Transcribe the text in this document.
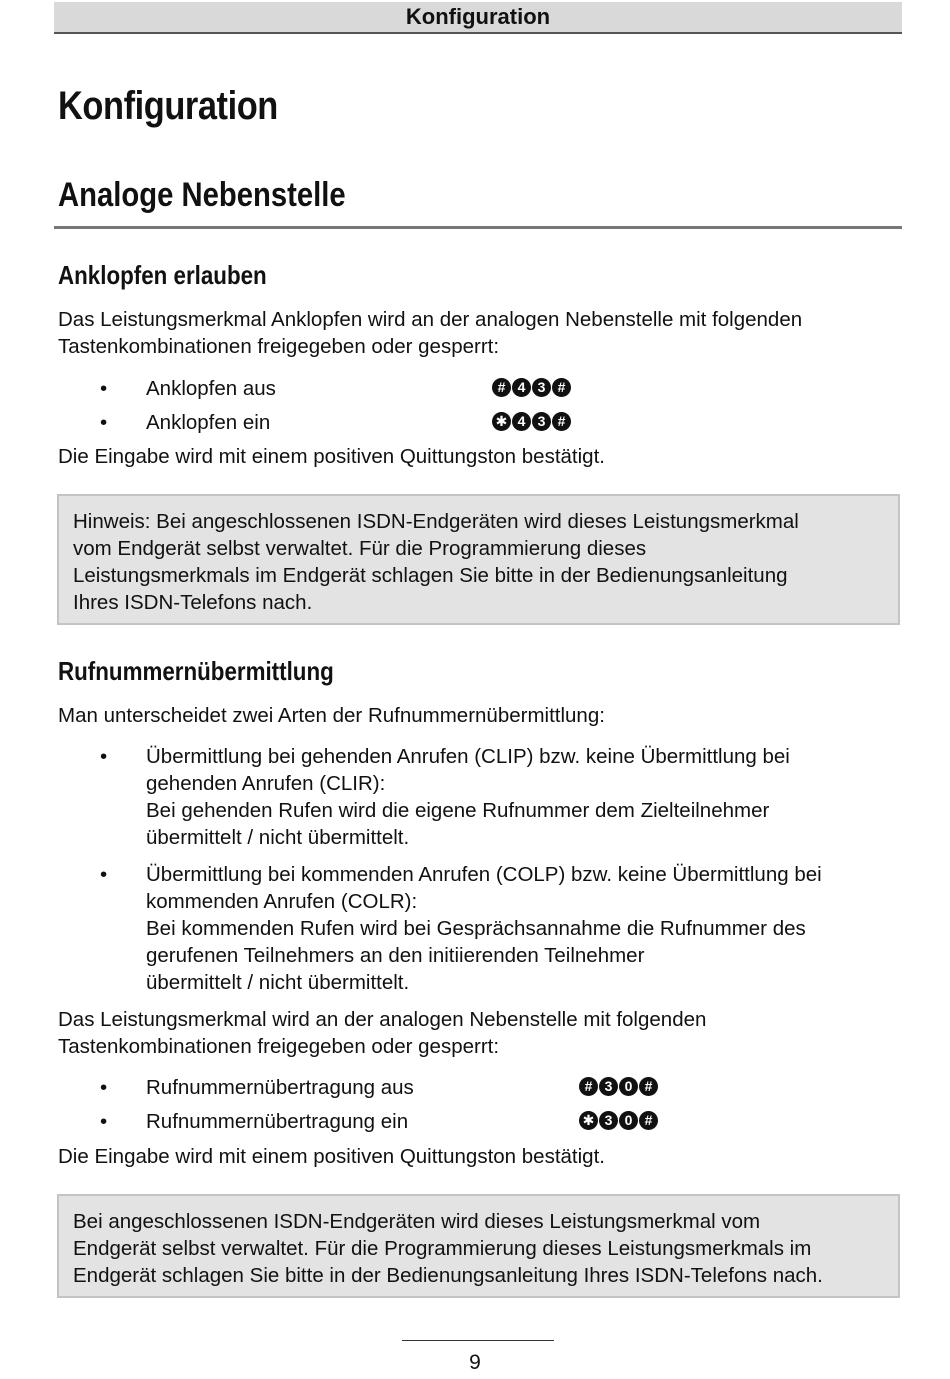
Konfiguration
Konfiguration
Analoge Nebenstelle
Anklopfen erlauben
Das Leistungsmerkmal Anklopfen wird an der analogen Nebenstelle mit folgenden
Tastenkombinationen freigegeben oder gesperrt:
• Anklopfen aus	# 4 3 #
• Anklopfen ein	✱ 4 3 #
Die Eingabe wird mit einem positiven Quittungston bestätigt.
Hinweis: Bei angeschlossenen ISDN-Endgeräten wird dieses Leistungsmerkmal
vom Endgerät selbst verwaltet. Für die Programmierung dieses
Leistungsmerkmals im Endgerät schlagen Sie bitte in der Bedienungsanleitung
Ihres ISDN-Telefons nach.
Rufnummernübermittlung
Man unterscheidet zwei Arten der Rufnummernübermittlung:
• Übermittlung bei gehenden Anrufen (CLIP) bzw. keine Übermittlung bei
gehenden Anrufen (CLIR):
Bei gehenden Rufen wird die eigene Rufnummer dem Zielteilnehmer
übermittelt / nicht übermittelt.
• Übermittlung bei kommenden Anrufen (COLP) bzw. keine Übermittlung bei
kommenden Anrufen (COLR):
Bei kommenden Rufen wird bei Gesprächsannahme die Rufnummer des
gerufenen Teilnehmers an den initiierenden Teilnehmer
übermittelt / nicht übermittelt.
Das Leistungsmerkmal wird an der analogen Nebenstelle mit folgenden
Tastenkombinationen freigegeben oder gesperrt:
• Rufnummernübertragung aus	# 3 0 #
• Rufnummernübertragung ein	✱ 3 0 #
Die Eingabe wird mit einem positiven Quittungston bestätigt.
Bei angeschlossenen ISDN-Endgeräten wird dieses Leistungsmerkmal vom
Endgerät selbst verwaltet. Für die Programmierung dieses Leistungsmerkmals im
Endgerät schlagen Sie bitte in der Bedienungsanleitung Ihres ISDN-Telefons nach.
9
